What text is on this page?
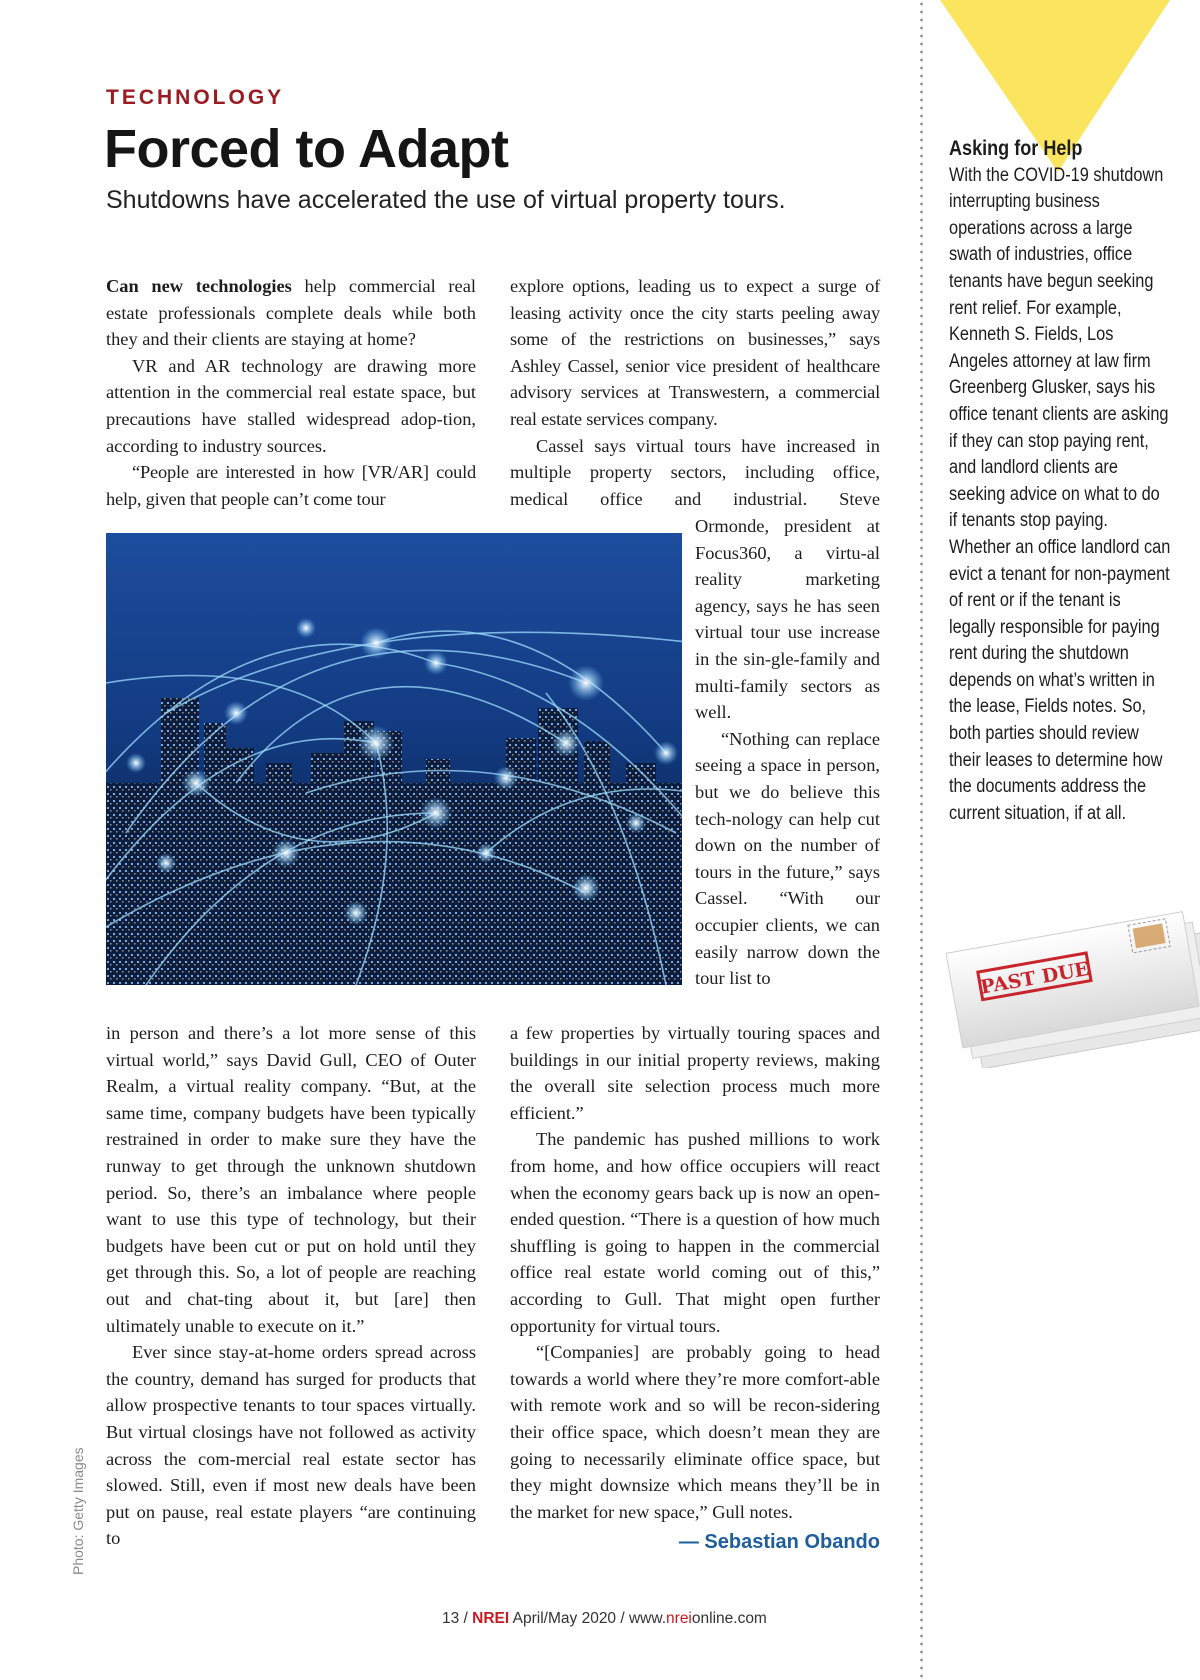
TECHNOLOGY
Forced to Adapt
Shutdowns have accelerated the use of virtual property tours.

Can new technologies help commercial real estate professionals complete deals while both they and their clients are staying at home?

VR and AR technology are drawing more attention in the commercial real estate space, but precautions have stalled widespread adop-tion, according to industry sources.

“People are interested in how [VR/AR] could help, given that people can’t come tour

explore options, leading us to expect a surge of leasing activity once the city starts peeling away some of the restrictions on businesses,” says Ashley Cassel, senior vice president of healthcare advisory services at Transwestern, a commercial real estate services company.

Cassel says virtual tours have increased in multiple property sectors, including office, medical office and industrial. Steve

Ormonde, president at Focus360, a virtu-al reality marketing agency, says he has seen virtual tour use increase in the sin-gle-family and multi-family sectors as well.

“Nothing can replace seeing a space in person, but we do believe this tech-nology can help cut down on the number of tours in the future,” says Cassel. “With our occupier clients, we can easily narrow down the tour list to

in person and there’s a lot more sense of this virtual world,” says David Gull, CEO of Outer Realm, a virtual reality company. “But, at the same time, company budgets have been typically restrained in order to make sure they have the runway to get through the unknown shutdown period. So, there’s an imbalance where people want to use this type of technology, but their budgets have been cut or put on hold until they get through this. So, a lot of people are reaching out and chat-ting about it, but [are] then ultimately unable to execute on it.”

Ever since stay-at-home orders spread across the country, demand has surged for products that allow prospective tenants to tour spaces virtually. But virtual closings have not followed as activity across the com-mercial real estate sector has slowed. Still, even if most new deals have been put on pause, real estate players “are continuing to

a few properties by virtually touring spaces and buildings in our initial property reviews, making the overall site selection process much more efficient.”

The pandemic has pushed millions to work from home, and how office occupiers will react when the economy gears back up is now an open-ended question. “There is a question of how much shuffling is going to happen in the commercial office real estate world coming out of this,” according to Gull. That might open further opportunity for virtual tours.

“[Companies] are probably going to head towards a world where they’re more comfort-able with remote work and so will be recon-sidering their office space, which doesn’t mean they are going to necessarily eliminate office space, but they might downsize which means they’ll be in the market for new space,” Gull notes.

— Sebastian Obando

Photo: Getty Images
13 / NREI April/May 2020 / www.nreionline.com
Asking for Help

With the COVID-19 shutdown interrupting business operations across a large swath of industries, office tenants have begun seeking rent relief. For example, Kenneth S. Fields, Los Angeles attorney at law firm Greenberg Glusker, says his office tenant clients are asking if they can stop paying rent, and landlord clients are seeking advice on what to do if tenants stop paying. Whether an office landlord can evict a tenant for non-payment of rent or if the tenant is legally responsible for paying rent during the shutdown depends on what’s written in the lease, Fields notes. So, both parties should review their leases to determine how the documents address the current situation, if at all.

PAST DUE
